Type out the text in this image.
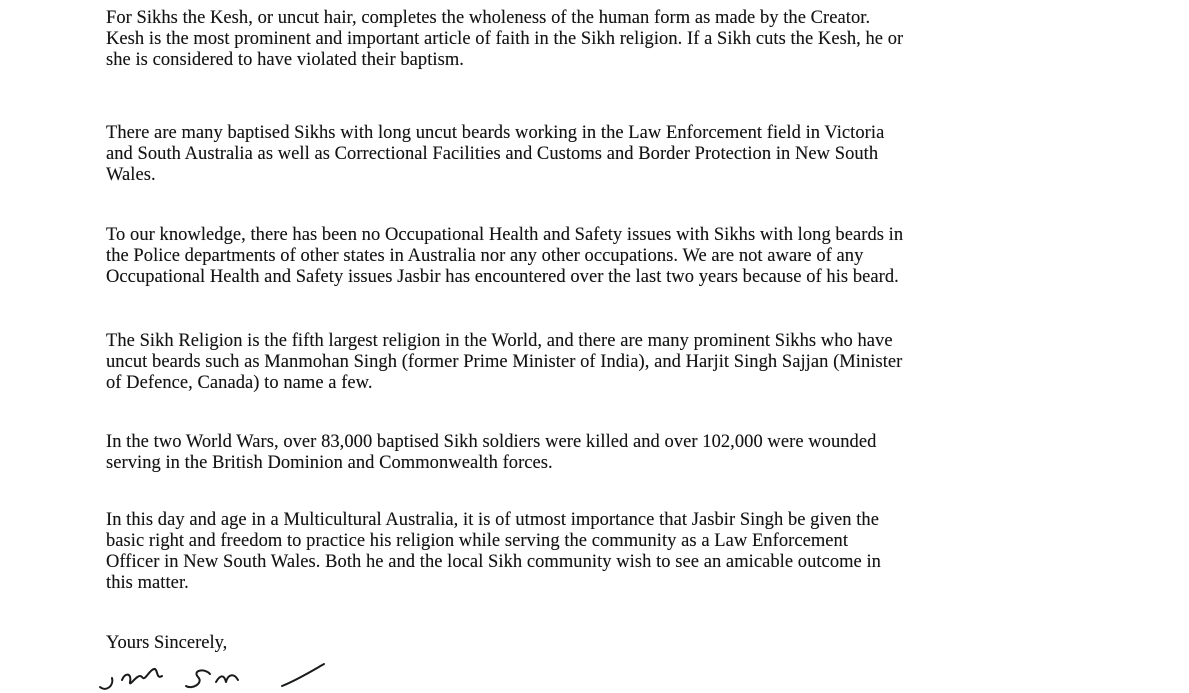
For Sikhs the Kesh, or uncut hair, completes the wholeness of the human form as made by the Creator.
Kesh is the most prominent and important article of faith in the Sikh religion. If a Sikh cuts the Kesh, he or
she is considered to have violated their baptism.

There are many baptised Sikhs with long uncut beards working in the Law Enforcement field in Victoria
and South Australia as well as Correctional Facilities and Customs and Border Protection in New South
Wales.

To our knowledge, there has been no Occupational Health and Safety issues with Sikhs with long beards in
the Police departments of other states in Australia nor any other occupations. We are not aware of any
Occupational Health and Safety issues Jasbir has encountered over the last two years because of his beard.

The Sikh Religion is the fifth largest religion in the World, and there are many prominent Sikhs who have
uncut beards such as Manmohan Singh (former Prime Minister of India), and Harjit Singh Sajjan (Minister
of Defence, Canada) to name a few.

In the two World Wars, over 83,000 baptised Sikh soldiers were killed and over 102,000 were wounded
serving in the British Dominion and Commonwealth forces.

In this day and age in a Multicultural Australia, it is of utmost importance that Jasbir Singh be given the
basic right and freedom to practice his religion while serving the community as a Law Enforcement
Officer in New South Wales. Both he and the local Sikh community wish to see an amicable outcome in
this matter.

Yours Sincerely,
